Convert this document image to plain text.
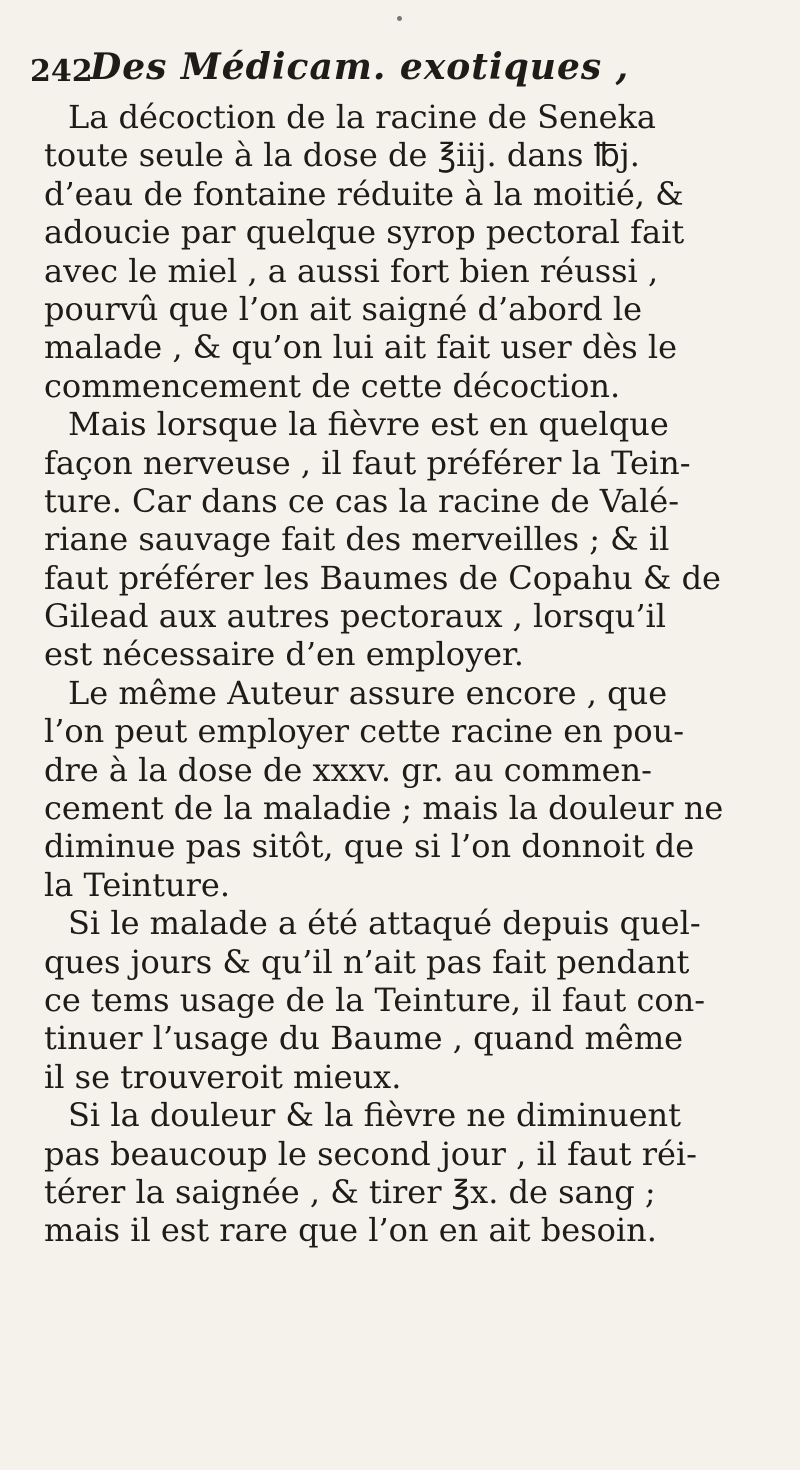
242
Des Médicam. exotiques ,
La décoction de la racine de Seneka
toute seule à la dose de ℥iij. dans ℔j.
d’eau de fontaine réduite à la moitié, &
adoucie par quelque syrop pectoral fait
avec le miel , a aussi fort bien réussi ,
pourvû que l’on ait saigné d’abord le
malade , & qu’on lui ait fait user dès le
commencement de cette décoction.
Mais lorsque la fièvre est en quelque
façon nerveuse , il faut préférer la Tein-
ture. Car dans ce cas la racine de Valé-
riane sauvage fait des merveilles ; & il
faut préférer les Baumes de Copahu & de
Gilead aux autres pectoraux , lorsqu’il
est nécessaire d’en employer.
Le même Auteur assure encore , que
l’on peut employer cette racine en pou-
dre à la dose de xxxv. gr. au commen-
cement de la maladie ; mais la douleur ne
diminue pas sitôt, que si l’on donnoit de
la Teinture.
Si le malade a été attaqué depuis quel-
ques jours & qu’il n’ait pas fait pendant
ce tems usage de la Teinture, il faut con-
tinuer l’usage du Baume , quand même
il se trouveroit mieux.
Si la douleur & la fièvre ne diminuent
pas beaucoup le second jour , il faut réi-
térer la saignée , & tirer ℥x. de sang ;
mais il est rare que l’on en ait besoin.
